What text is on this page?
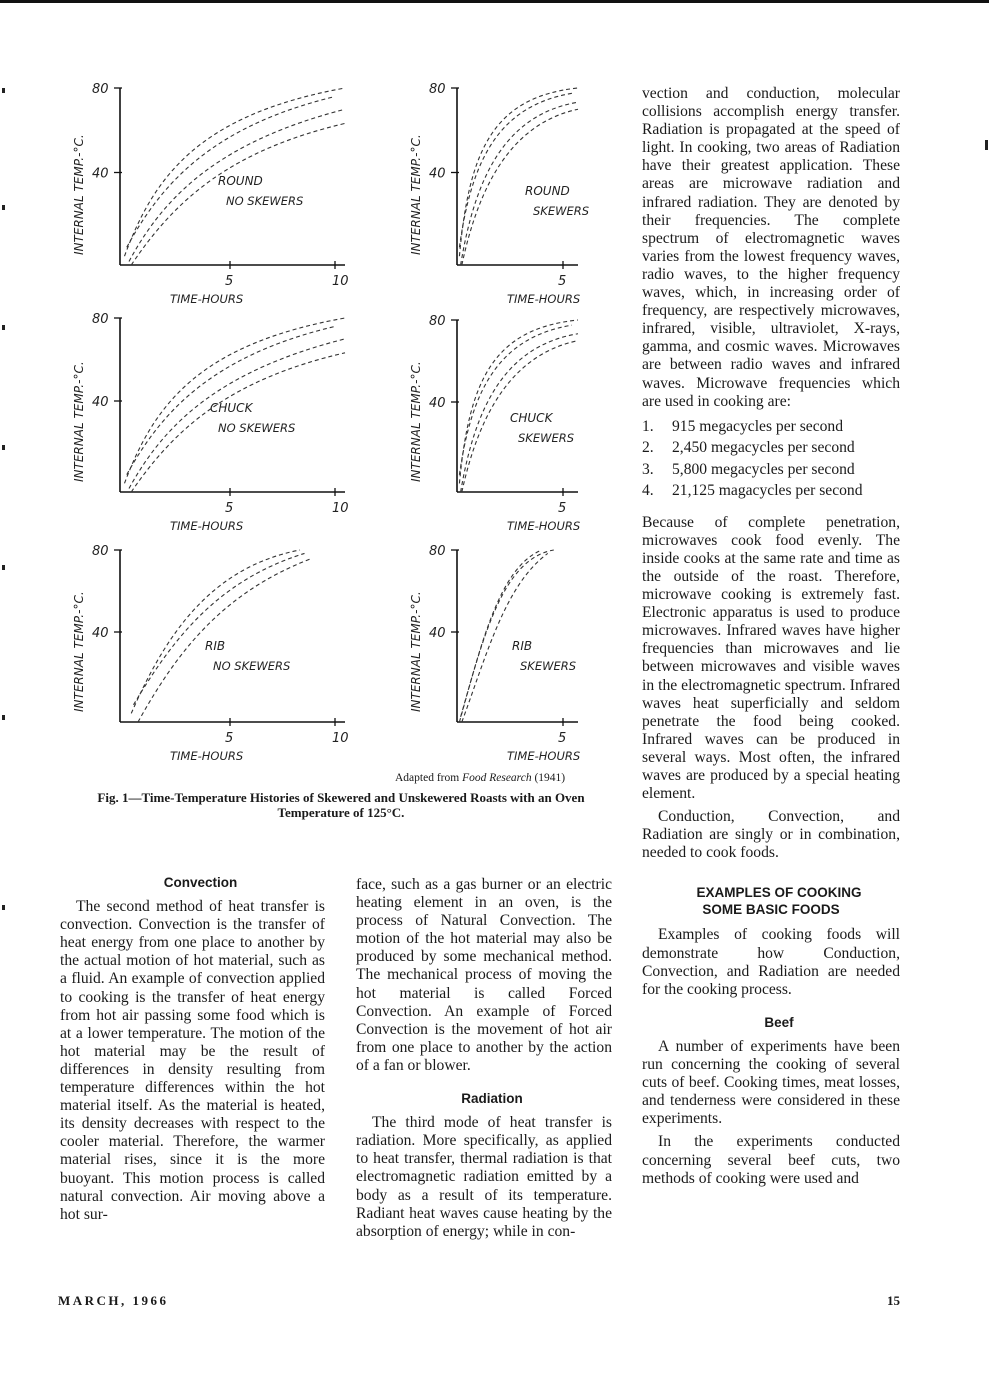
80
40
5	10
INTERNAL TEMP.-°C.
TIME-HOURS
ROUND
NO SKEWERS
80
40
5
INTERNAL TEMP.-°C.
TIME-HOURS
ROUND
SKEWERS
80
40
5	10
INTERNAL TEMP.-°C.
TIME-HOURS
CHUCK
NO SKEWERS
80
40
5
INTERNAL TEMP.-°C.
TIME-HOURS
CHUCK
SKEWERS
80
40
5	10
INTERNAL TEMP.-°C.
TIME-HOURS
RIB
NO SKEWERS
80
40
5
INTERNAL TEMP.-°C.
TIME-HOURS
RIB
SKEWERS
Adapted from Food Research (1941)
Fig. 1—Time-Temperature Histories of Skewered and Unskewered Roasts with an Oven Temperature of 125°C.

Convection

The second method of heat transfer is convection. Convection is the transfer of heat energy from one place to another by the actual motion of hot material, such as a fluid. An example of convection applied to cooking is the transfer of heat energy from hot air passing some food which is at a lower temperature. The motion of the hot material may be the result of differences in density resulting from temperature differences within the hot material itself. As the material is heated, its density decreases with respect to the cooler material. Therefore, the warmer material rises, since it is the more buoyant. This motion process is called natural convection. Air moving above a hot sur-

face, such as a gas burner or an electric heating element in an oven, is the process of Natural Convection. The motion of the hot material may also be produced by some mechanical method. The mechanical process of moving the hot material is called Forced Convection. An example of Forced Convection is the movement of hot air from one place to another by the action of a fan or blower.

Radiation

The third mode of heat transfer is radiation. More specifically, as applied to heat transfer, thermal radiation is that electromagnetic radiation emitted by a body as a result of its temperature. Radiant heat waves cause heating by the absorption of energy; while in con-

vection and conduction, molecular collisions accomplish energy transfer. Radiation is propagated at the speed of light. In cooking, two areas of Radiation have their greatest application. These areas are microwave radiation and infrared radiation. They are denoted by their frequencies. The complete spectrum of electromagnetic waves varies from the lowest frequency waves, radio waves, to the higher frequency waves, which, in increasing order of frequency, are respectively microwaves, infrared, visible, ultraviolet, X-rays, gamma, and cosmic waves. Microwaves are between radio waves and infrared waves. Microwave frequencies which are used in cooking are:

1. 915 megacycles per second
2. 2,450 megacycles per second
3. 5,800 megacycles per second
4. 21,125 magacycles per second

Because of complete penetration, microwaves cook food evenly. The inside cooks at the same rate and time as the outside of the roast. Therefore, microwave cooking is extremely fast. Electronic apparatus is used to produce microwaves. Infrared waves have higher frequencies than microwaves and lie between microwaves and visible waves in the electromagnetic spectrum. Infrared waves heat superficially and seldom penetrate the food being cooked. Infrared waves can be produced in several ways. Most often, the infrared waves are produced by a special heating element.

Conduction, Convection, and Radiation are singly or in combination, needed to cook foods.

EXAMPLES OF COOKING
SOME BASIC FOODS

Examples of cooking foods will demonstrate how Conduction, Convection, and Radiation are needed for the cooking process.

Beef

A number of experiments have been run concerning the cooking of several cuts of beef. Cooking times, meat losses, and tenderness were considered in these experiments.

In the experiments conducted concerning several beef cuts, two methods of cooking were used and

MARCH, 1966	15
